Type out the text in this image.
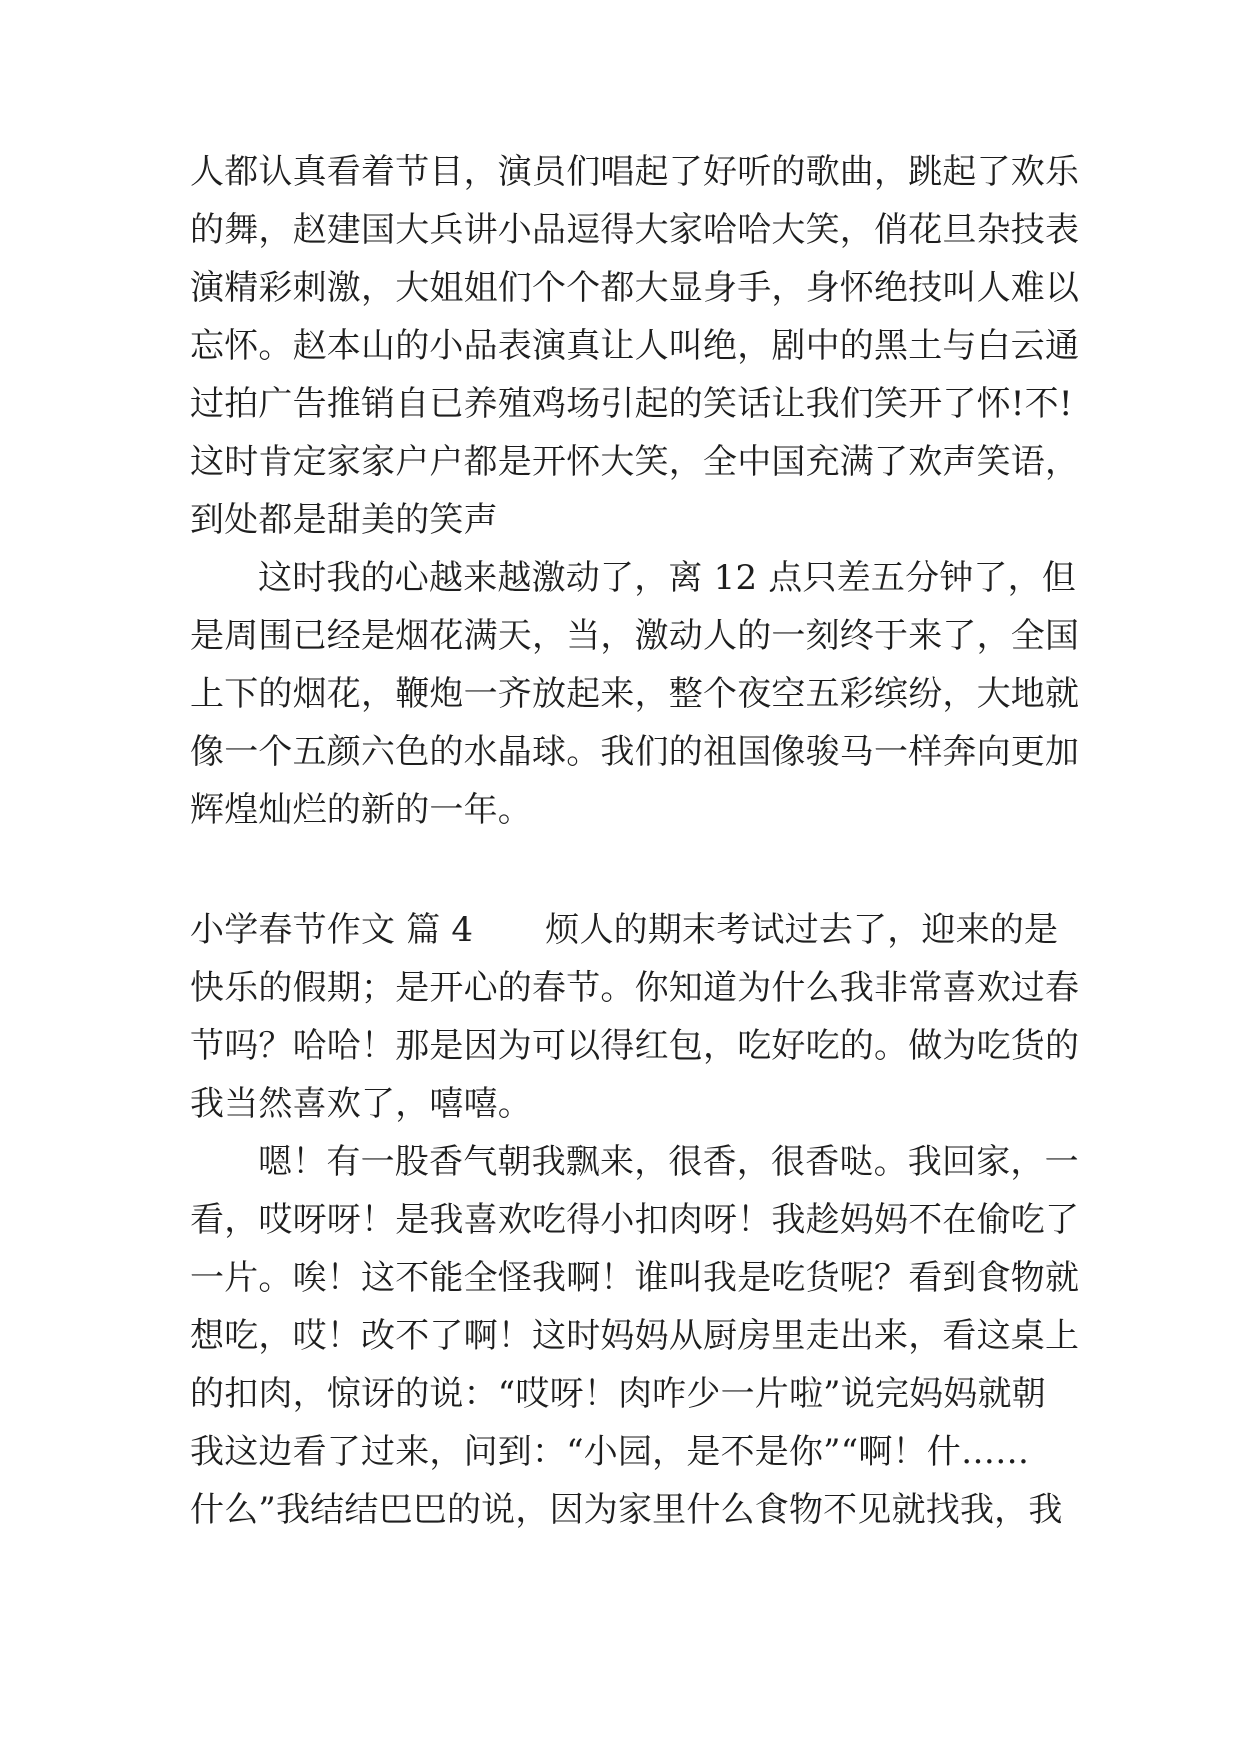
人都认真看着节目，演员们唱起了好听的歌曲，跳起了欢乐
的舞，赵建国大兵讲小品逗得大家哈哈大笑，俏花旦杂技表
演精彩刺激，大姐姐们个个都大显身手，身怀绝技叫人难以
忘怀。赵本山的小品表演真让人叫绝，剧中的黑土与白云通
过拍广告推销自已养殖鸡场引起的笑话让我们笑开了怀!不!
这时肯定家家户户都是开怀大笑，全中国充满了欢声笑语，
到处都是甜美的笑声
这时我的心越来越激动了，离 12 点只差五分钟了，但
是周围已经是烟花满天，当，激动人的一刻终于来了，全国
上下的烟花，鞭炮一齐放起来，整个夜空五彩缤纷，大地就
像一个五颜六色的水晶球。我们的祖国像骏马一样奔向更加
辉煌灿烂的新的一年。
小学春节作文 篇 4 烦人的期末考试过去了，迎来的是
快乐的假期；是开心的春节。你知道为什么我非常喜欢过春
节吗？哈哈！那是因为可以得红包，吃好吃的。做为吃货的
我当然喜欢了，嘻嘻。
嗯！有一股香气朝我飘来，很香，很香哒。我回家，一
看，哎呀呀！是我喜欢吃得小扣肉呀！我趁妈妈不在偷吃了
一片。唉！这不能全怪我啊！谁叫我是吃货呢？看到食物就
想吃，哎！改不了啊！这时妈妈从厨房里走出来，看这桌上
的扣肉，惊讶的说：“哎呀！肉咋少一片啦”说完妈妈就朝
我这边看了过来，问到：“小园，是不是你”“啊！什……
什么”我结结巴巴的说，因为家里什么食物不见就找我，我
